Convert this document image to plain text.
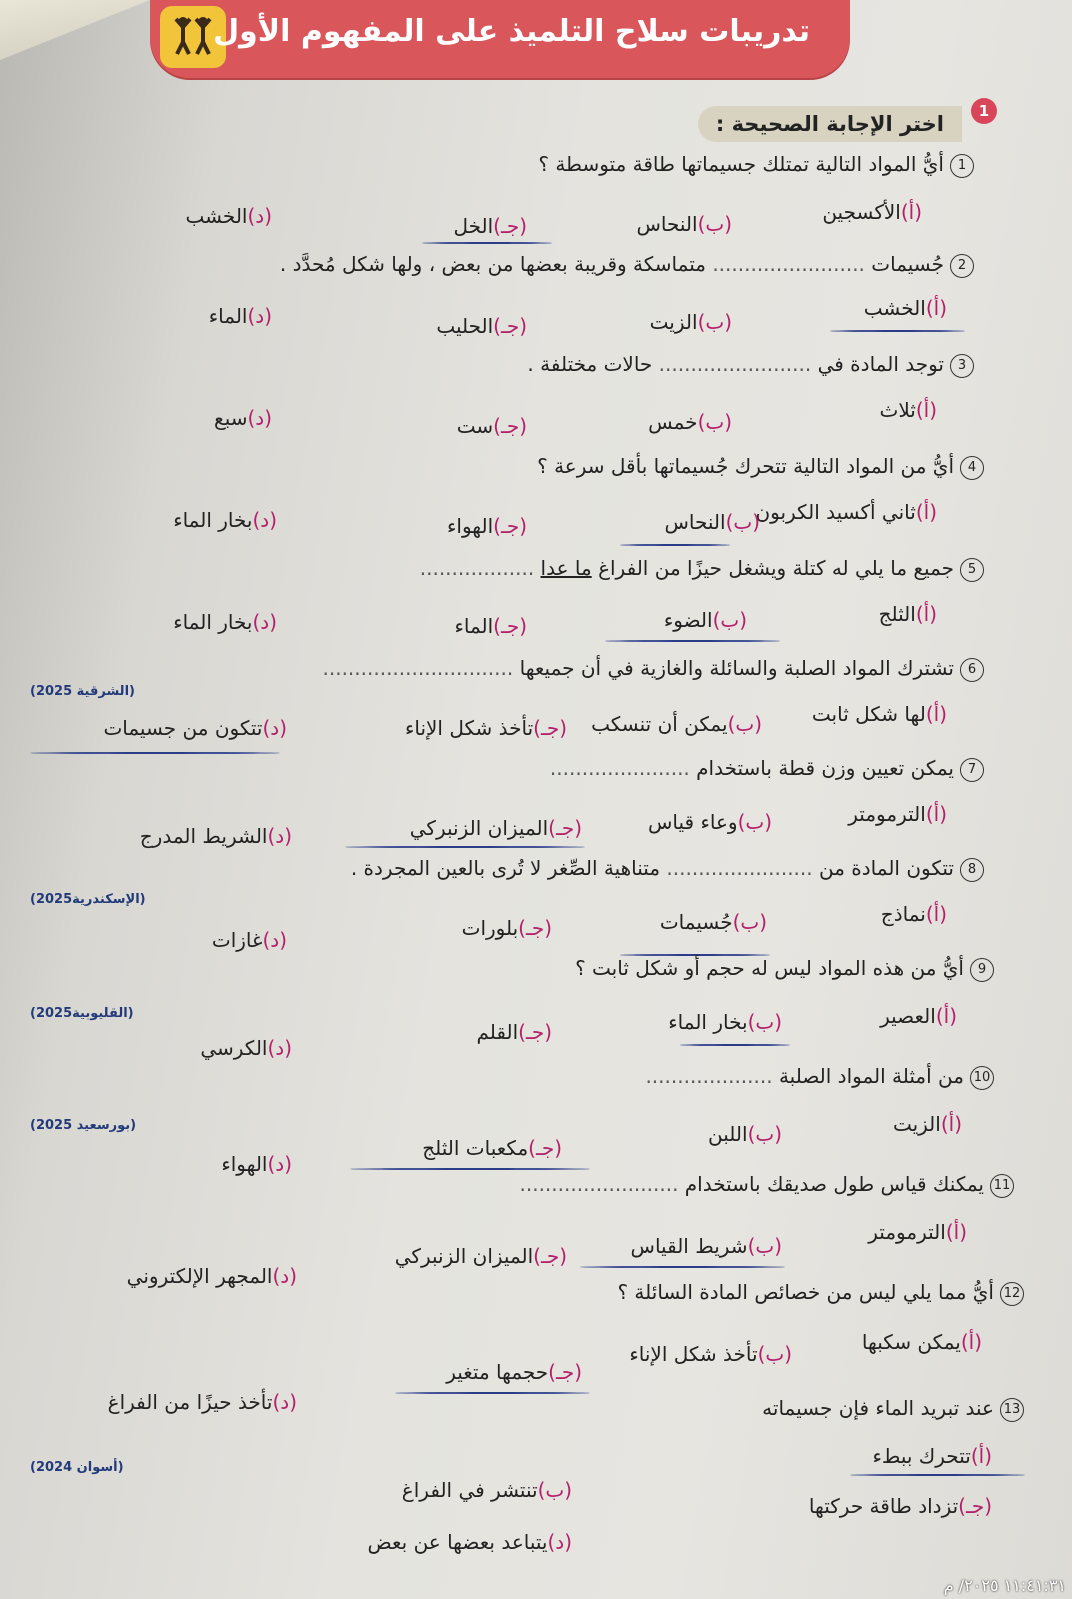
تدريبات سلاح التلميذ على المفهوم الأول
1
اختر الإجابة الصحيحة :
1أيُّ المواد التالية تمتلك جسيماتها طاقة متوسطة ؟
(أ)الأكسجين
(ب)النحاس
(جـ)الخل
(د)الخشب
2جُسيمات ........................ متماسكة وقريبة بعضها من بعض ، ولها شكل مُحدَّد .
(أ)الخشب
(ب)الزيت
(جـ)الحليب
(د)الماء
3توجد المادة في ........................ حالات مختلفة .
(أ)ثلاث
(ب)خمس
(جـ)ست
(د)سبع
4أيُّ من المواد التالية تتحرك جُسيماتها بأقل سرعة ؟
(أ)ثاني أكسيد الكربون
(ب)النحاس
(جـ)الهواء
(د)بخار الماء
5جميع ما يلي له كتلة ويشغل حيزًا من الفراغ ما عدا ..................
(أ)الثلج
(ب)الضوء
(جـ)الماء
(د)بخار الماء
6تشترك المواد الصلبة والسائلة والغازية في أن جميعها ..............................
(الشرقية 2025)
(أ)لها شكل ثابت
(ب)يمكن أن تنسكب
(جـ)تأخذ شكل الإناء
(د)تتكون من جسيمات
7يمكن تعيين وزن قطة باستخدام ......................
(أ)الترمومتر
(ب)وعاء قياس
(جـ)الميزان الزنبركي
(د)الشريط المدرج
8تتكون المادة من ....................... متناهية الصِّغر لا تُرى بالعين المجردة .
(الإسكندرية2025)
(أ)نماذج
(ب)جُسيمات
(جـ)بلورات
(د)غازات
9أيُّ من هذه المواد ليس له حجم أو شكل ثابت ؟
(القليوبية2025)	(أ)العصير
(ب)بخار الماء
(جـ)القلم
(د)الكرسي
10من أمثلة المواد الصلبة ....................
(بورسعيد 2025)	(أ)الزيت
(ب)اللبن
(جـ)مكعبات الثلج
(د)الهواء
11يمكنك قياس طول صديقك باستخدام .........................
(أ)الترمومتر
(ب)شريط القياس
(جـ)الميزان الزنبركي
(د)المجهر الإلكتروني
12أيُّ مما يلي ليس من خصائص المادة السائلة ؟
(أ)يمكن سكبها
(ب)تأخذ شكل الإناء
(جـ)حجمها متغير
(د)تأخذ حيزًا من الفراغ	13عند تبريد الماء فإن جسيماته
(أسوان 2024)	(أ)تتحرك ببطء
(ب)تنتشر في الفراغ
(جـ)تزداد طاقة حركتها
(د)يتباعد بعضها عن بعض
١١:٤١:٣١ ٢٠٢٥/ م
